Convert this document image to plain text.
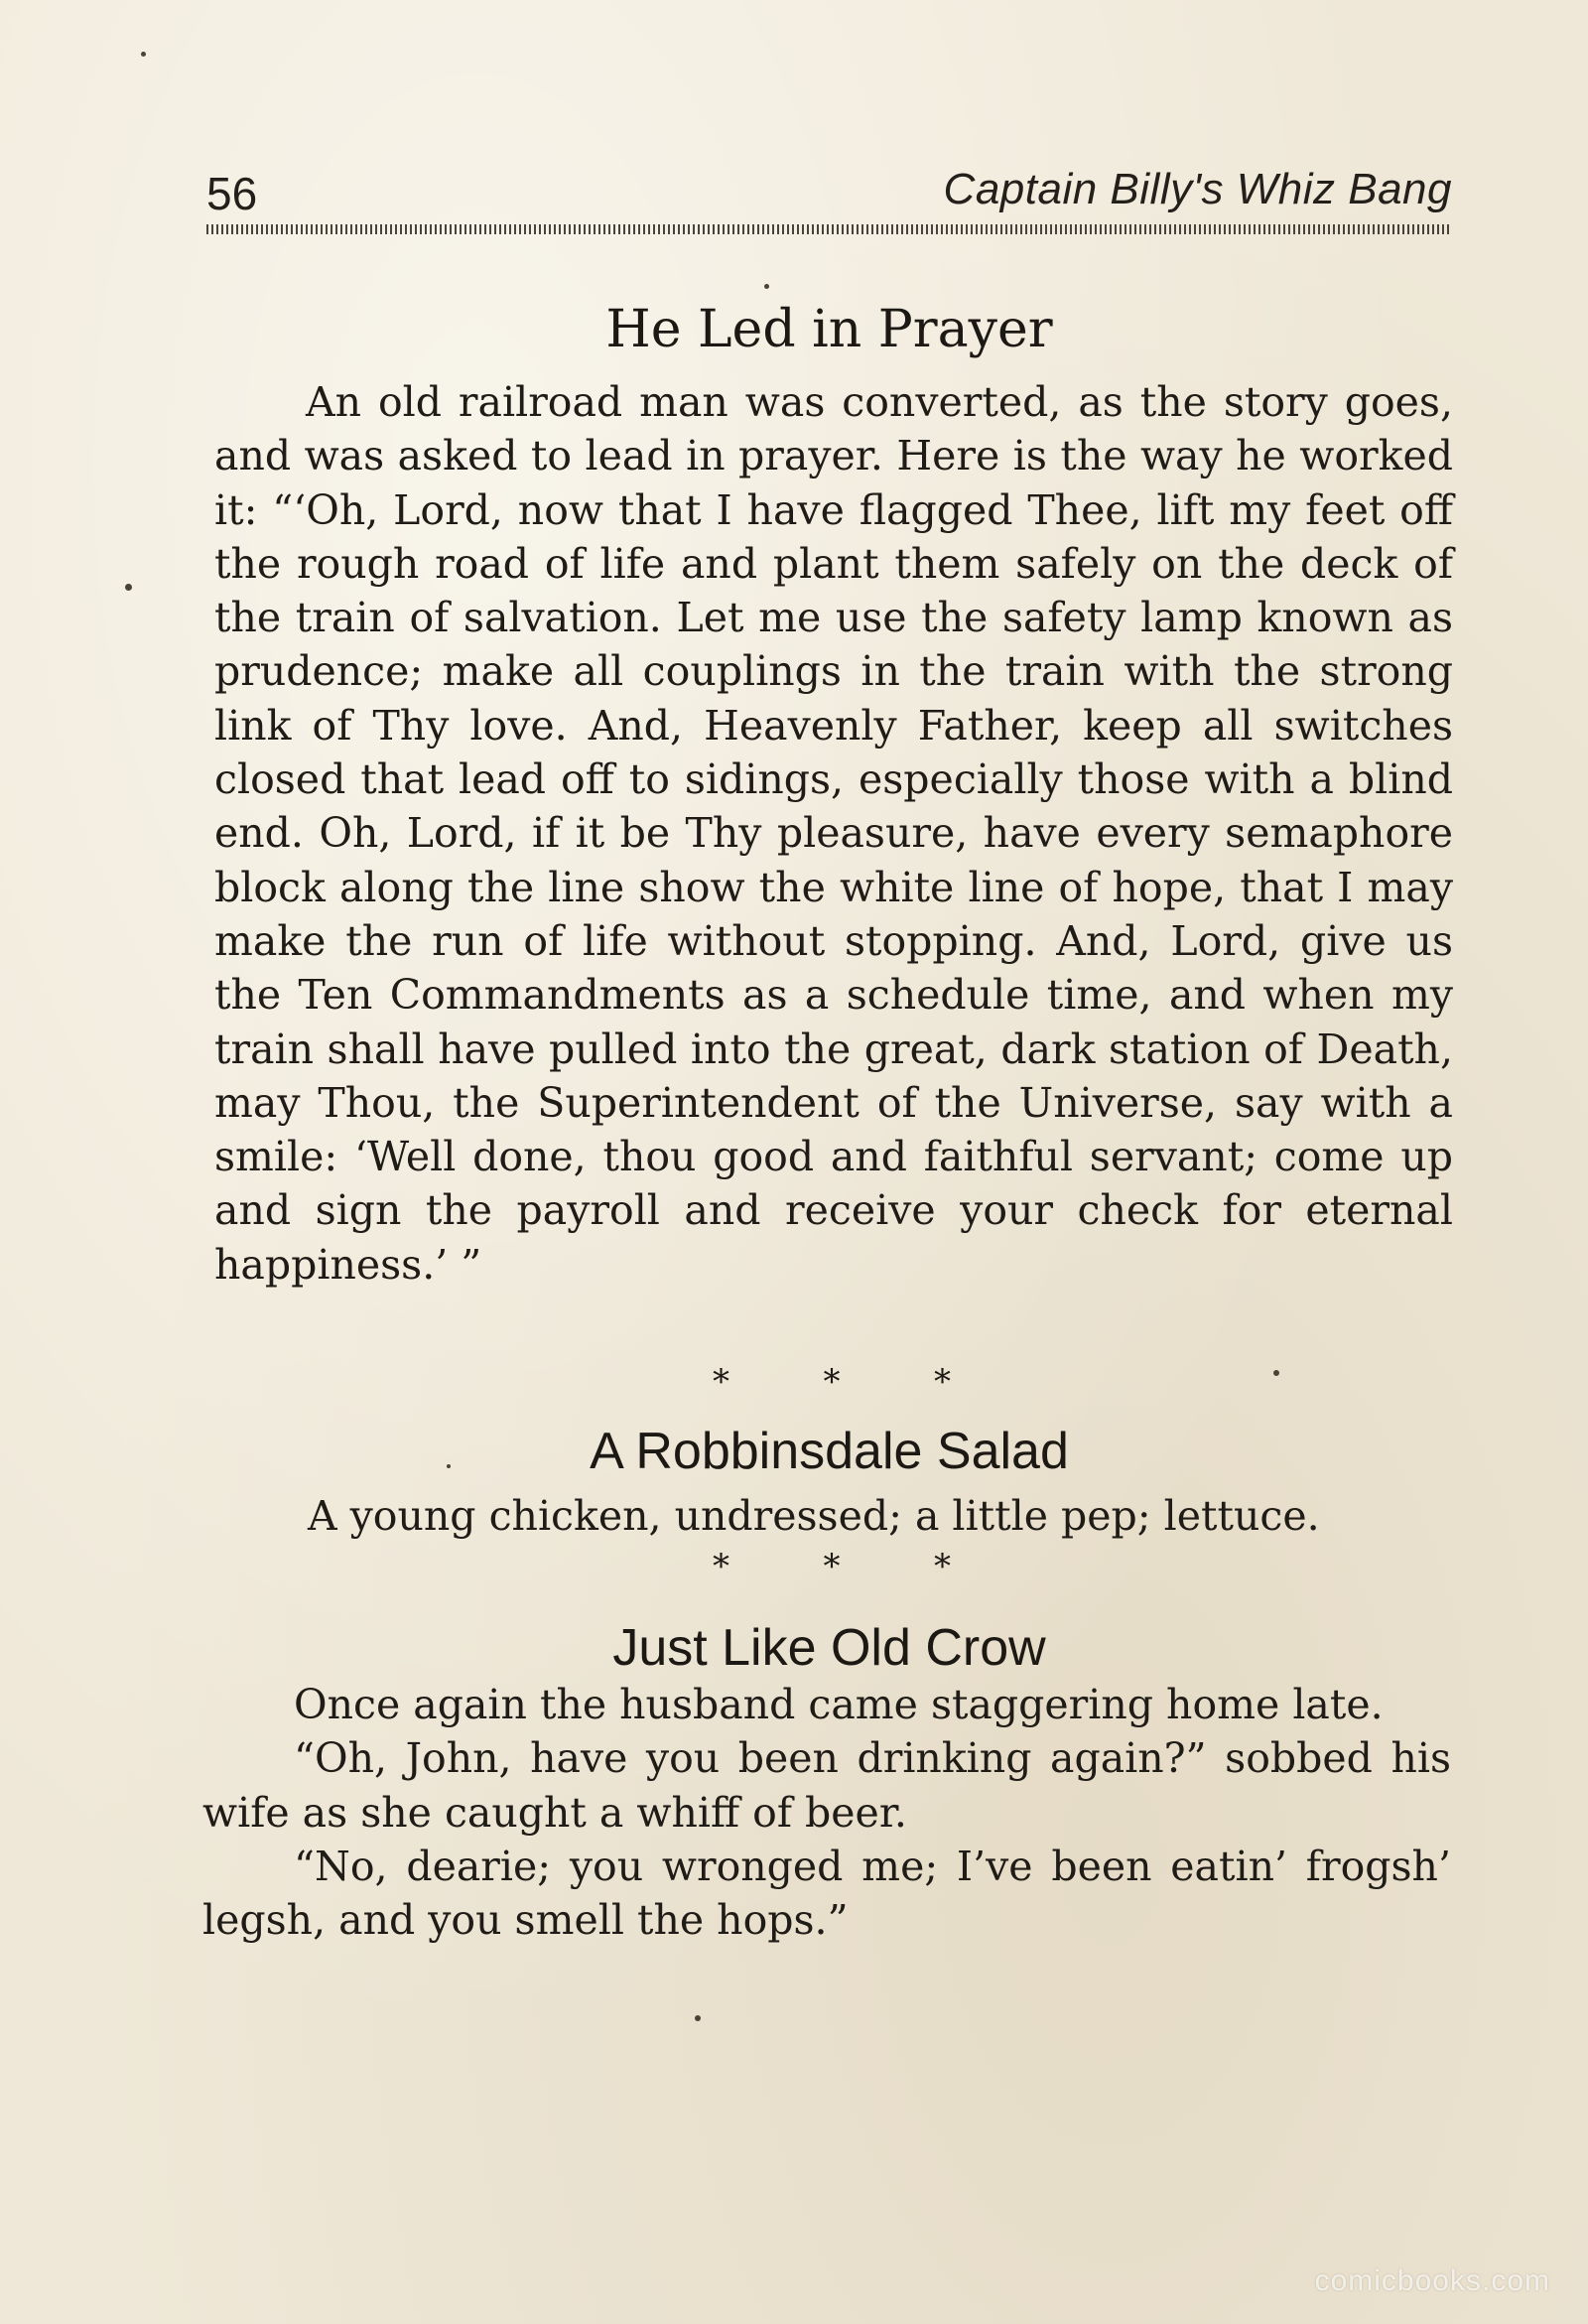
56	Captain Billy's Whiz Bang
He Led in Prayer

An old railroad man was converted, as the story goes, and was asked to lead in prayer. Here is the way he worked it: “‘Oh, Lord, now that I have flagged Thee, lift my feet off the rough road of life and plant them safely on the deck of the train of salvation. Let me use the safety lamp known as prudence; make all couplings in the train with the strong link of Thy love. And, Heavenly Father, keep all switches closed that lead off to sidings, especially those with a blind end. Oh, Lord, if it be Thy pleasure, have every semaphore block along the line show the white line of hope, that I may make the run of life without stopping. And, Lord, give us the Ten Commandments as a schedule time, and when my train shall have pulled into the great, dark station of Death, may Thou, the Superintendent of the Universe, say with a smile: ‘Well done, thou good and faithful servant; come up and sign the payroll and receive your check for eternal happiness.’ ”

*	*	*
A Robbinsdale Salad

A young chicken, undressed; a little pep; lettuce.

*	*	*
Just Like Old Crow

Once again the husband came staggering home late.

“Oh, John, have you been drinking again?” sobbed his wife as she caught a whiff of beer.

“No, dearie; you wronged me; I’ve been eatin’ frogsh’ legsh, and you smell the hops.”

comicbooks.com
